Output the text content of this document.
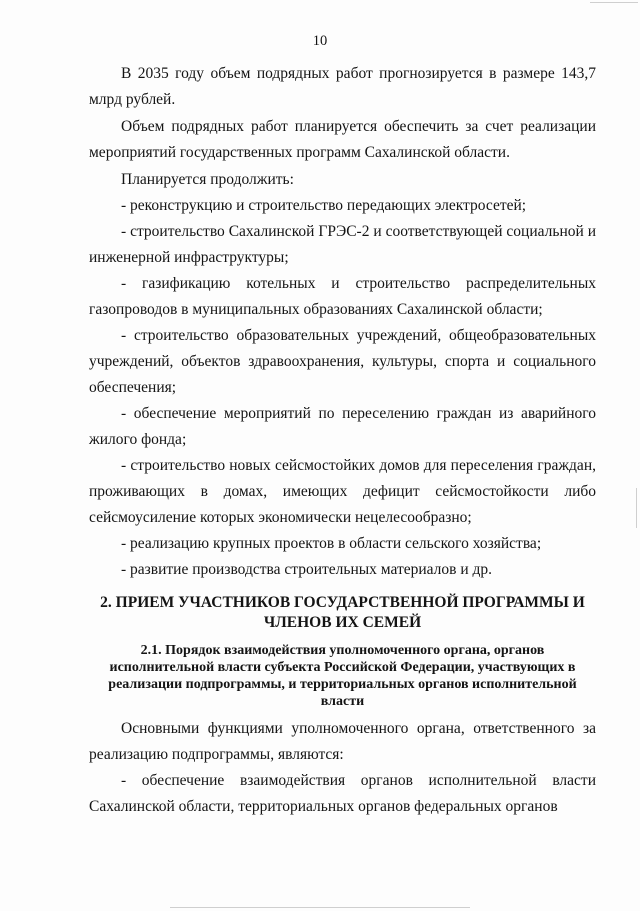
10

В 2035 году объем подрядных работ прогнозируется в размере 143,7 млрд рублей.

Объем подрядных работ планируется обеспечить за счет реализации мероприятий государственных программ Сахалинской области.

Планируется продолжить:

- реконструкцию и строительство передающих электросетей;

- строительство Сахалинской ГРЭС-2 и соответствующей социальной и инженерной инфраструктуры;

- газификацию котельных и строительство распределительных газопроводов в муниципальных образованиях Сахалинской области;

- строительство образовательных учреждений, общеобразовательных учреждений, объектов здравоохранения, культуры, спорта и социального обеспечения;

- обеспечение мероприятий по переселению граждан из аварийного жилого фонда;

- строительство новых сейсмостойких домов для переселения граждан, проживающих в домах, имеющих дефицит сейсмостойкости либо сейсмоусиление которых экономически нецелесообразно;

- реализацию крупных проектов в области сельского хозяйства;

- развитие производства строительных материалов и др.

2. ПРИЕМ УЧАСТНИКОВ ГОСУДАРСТВЕННОЙ ПРОГРАММЫ И ЧЛЕНОВ ИХ СЕМЕЙ
2.1. Порядок взаимодействия уполномоченного органа, органов исполнительной власти субъекта Российской Федерации, участвующих в реализации подпрограммы, и территориальных органов исполнительной власти

Основными функциями уполномоченного органа, ответственного за реализацию подпрограммы, являются:

- обеспечение взаимодействия органов исполнительной власти Сахалинской области, территориальных органов федеральных органов
